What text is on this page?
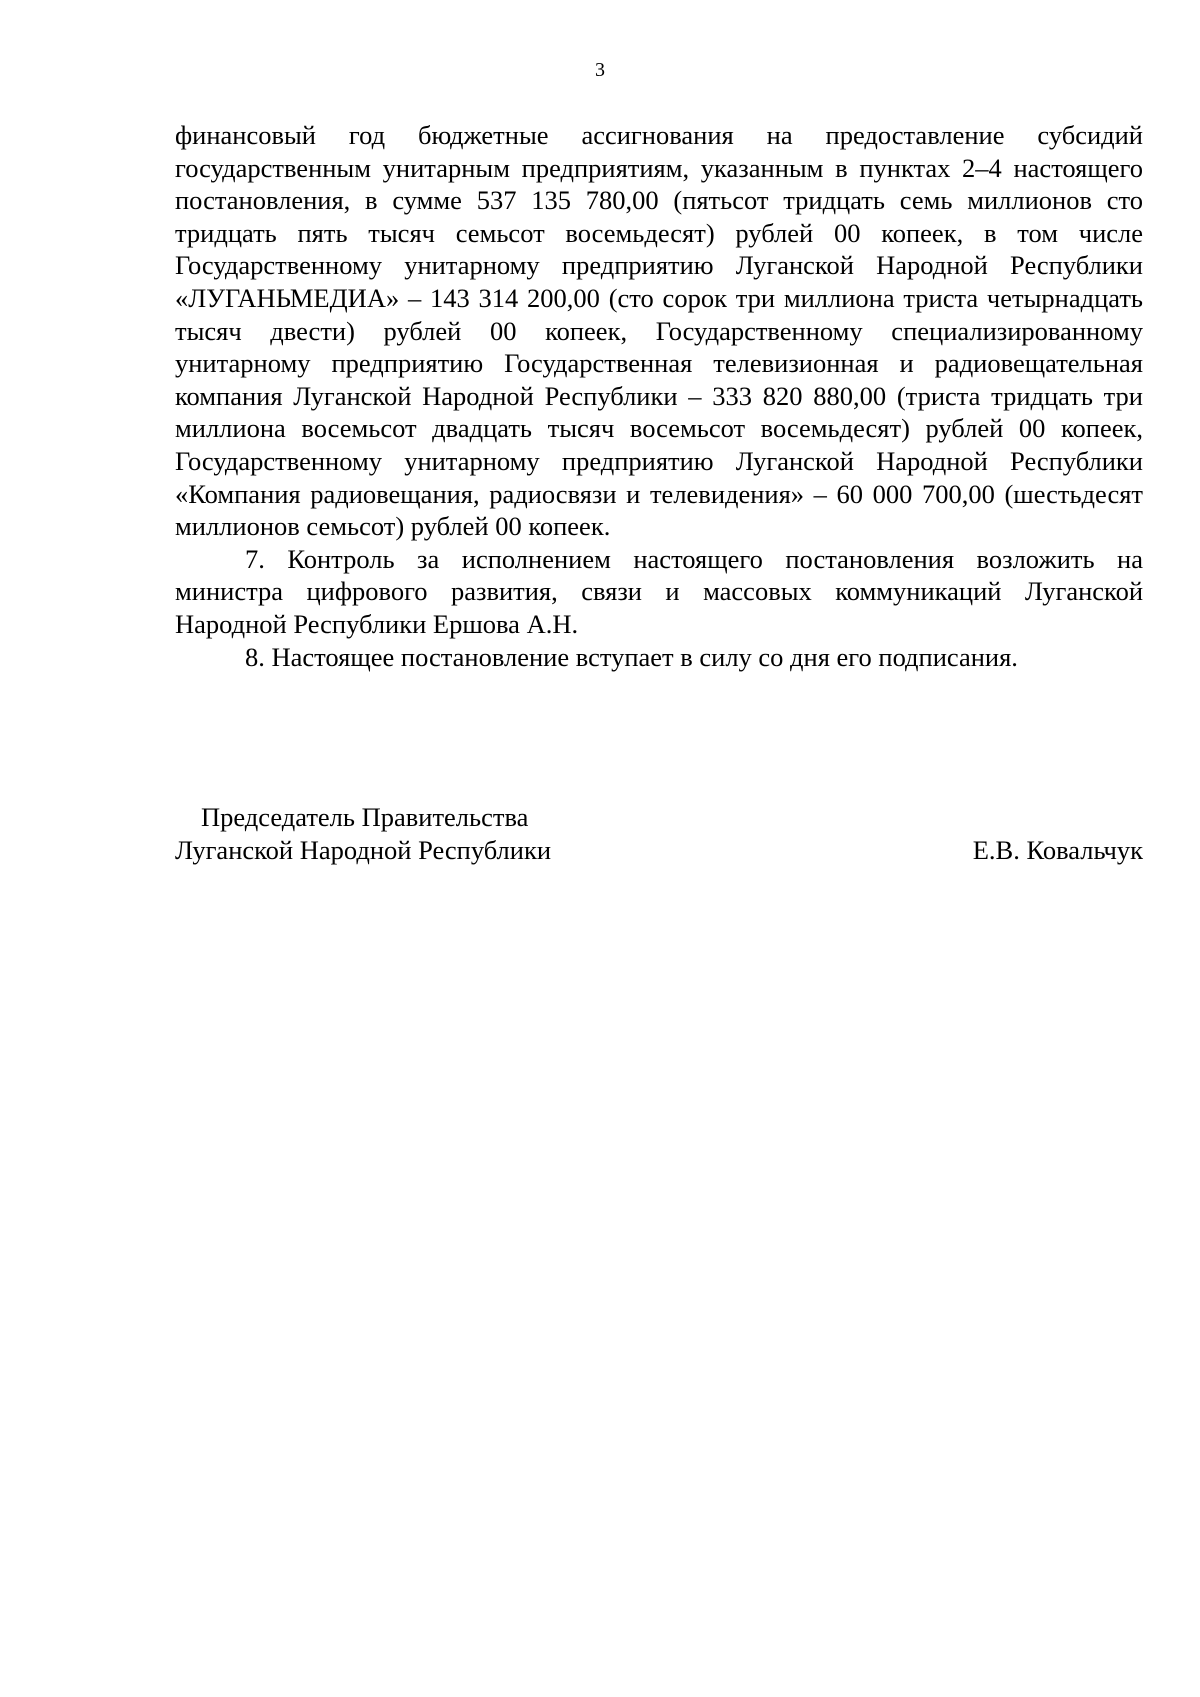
3

финансовый год бюджетные ассигнования на предоставление субсидий государственным унитарным предприятиям, указанным в пунктах 2–4 настоящего постановления, в сумме 537 135 780,00 (пятьсот тридцать семь миллионов сто тридцать пять тысяч семьсот восемьдесят) рублей 00 копеек, в том числе Государственному унитарному предприятию Луганской Народной Республики «ЛУГАНЬМЕДИА» – 143 314 200,00 (сто сорок три миллиона триста четырнадцать тысяч двести) рублей 00 копеек, Государственному специализированному унитарному предприятию Государственная телевизионная и радиовещательная компания Луганской Народной Республики – 333 820 880,00 (триста тридцать три миллиона восемьсот двадцать тысяч восемьсот восемьдесят) рублей 00 копеек, Государственному унитарному предприятию Луганской Народной Республики «Компания радиовещания, радиосвязи и телевидения» – 60 000 700,00 (шестьдесят миллионов семьсот) рублей 00 копеек.

7. Контроль за исполнением настоящего постановления возложить на министра цифрового развития, связи и массовых коммуникаций Луганской Народной Республики Ершова А.Н.

8. Настоящее постановление вступает в силу со дня его подписания.

Председатель Правительства
Луганской Народной Республики	Е.В. Ковальчук
